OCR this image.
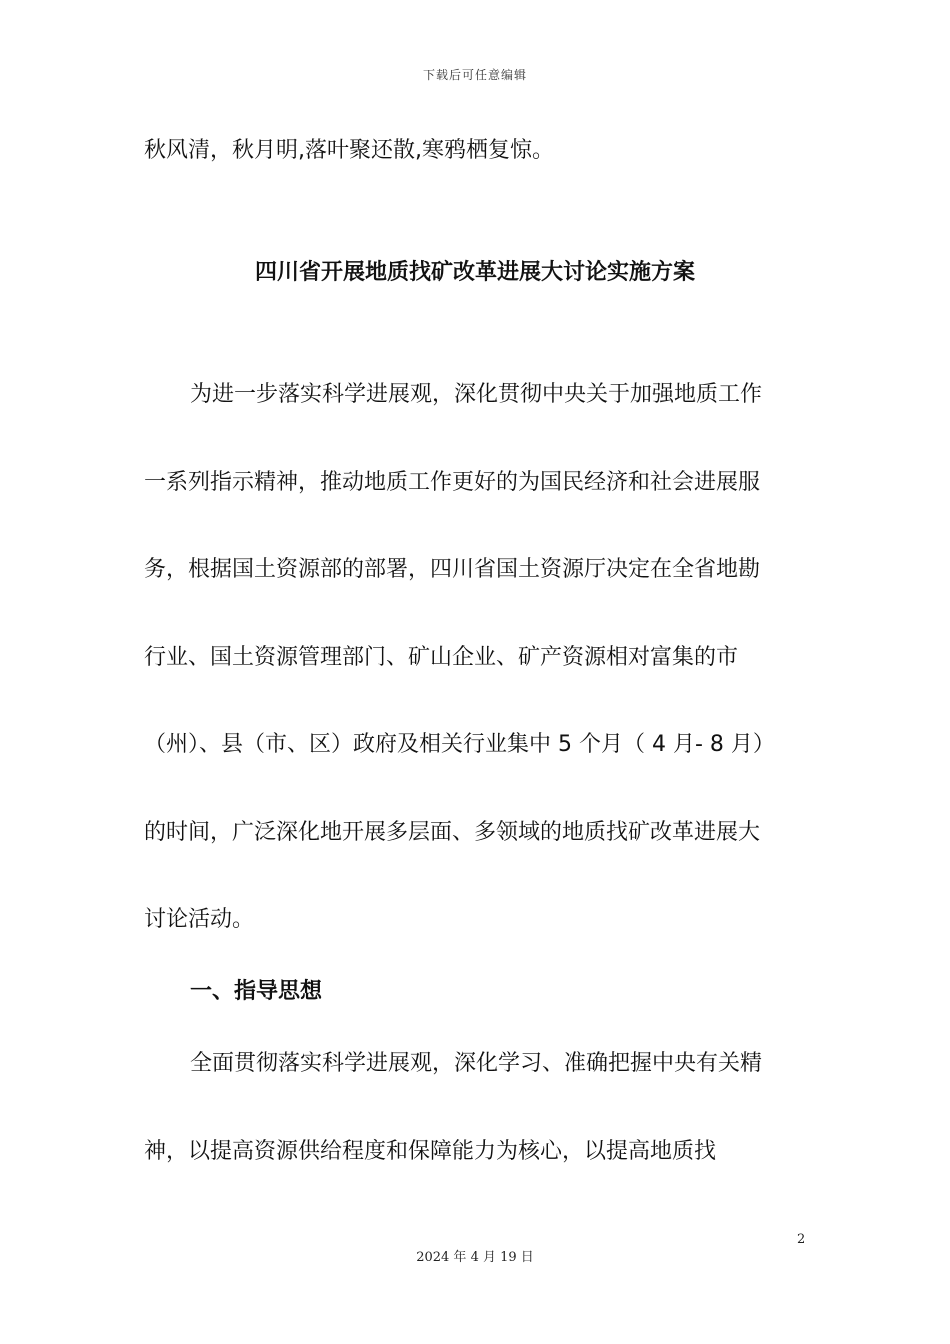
下载后可任意编辑
秋风清，秋月明,落叶聚还散,寒鸦栖复惊。
四川省开展地质找矿改革进展大讨论实施方案
为进一步落实科学进展观，深化贯彻中央关于加强地质工作
一系列指示精神，推动地质工作更好的为国民经济和社会进展服
务，根据国土资源部的部署，四川省国土资源厅决定在全省地勘
行业、国土资源管理部门、矿山企业、矿产资源相对富集的市
（州）、县（市、区）政府及相关行业集中 5 个月（ 4 月- 8 月）
的时间，广泛深化地开展多层面、多领域的地质找矿改革进展大
讨论活动。
一、指导思想
全面贯彻落实科学进展观，深化学习、准确把握中央有关精
神，以提高资源供给程度和保障能力为核心，以提高地质找
2
2024 年 4 月 19 日
